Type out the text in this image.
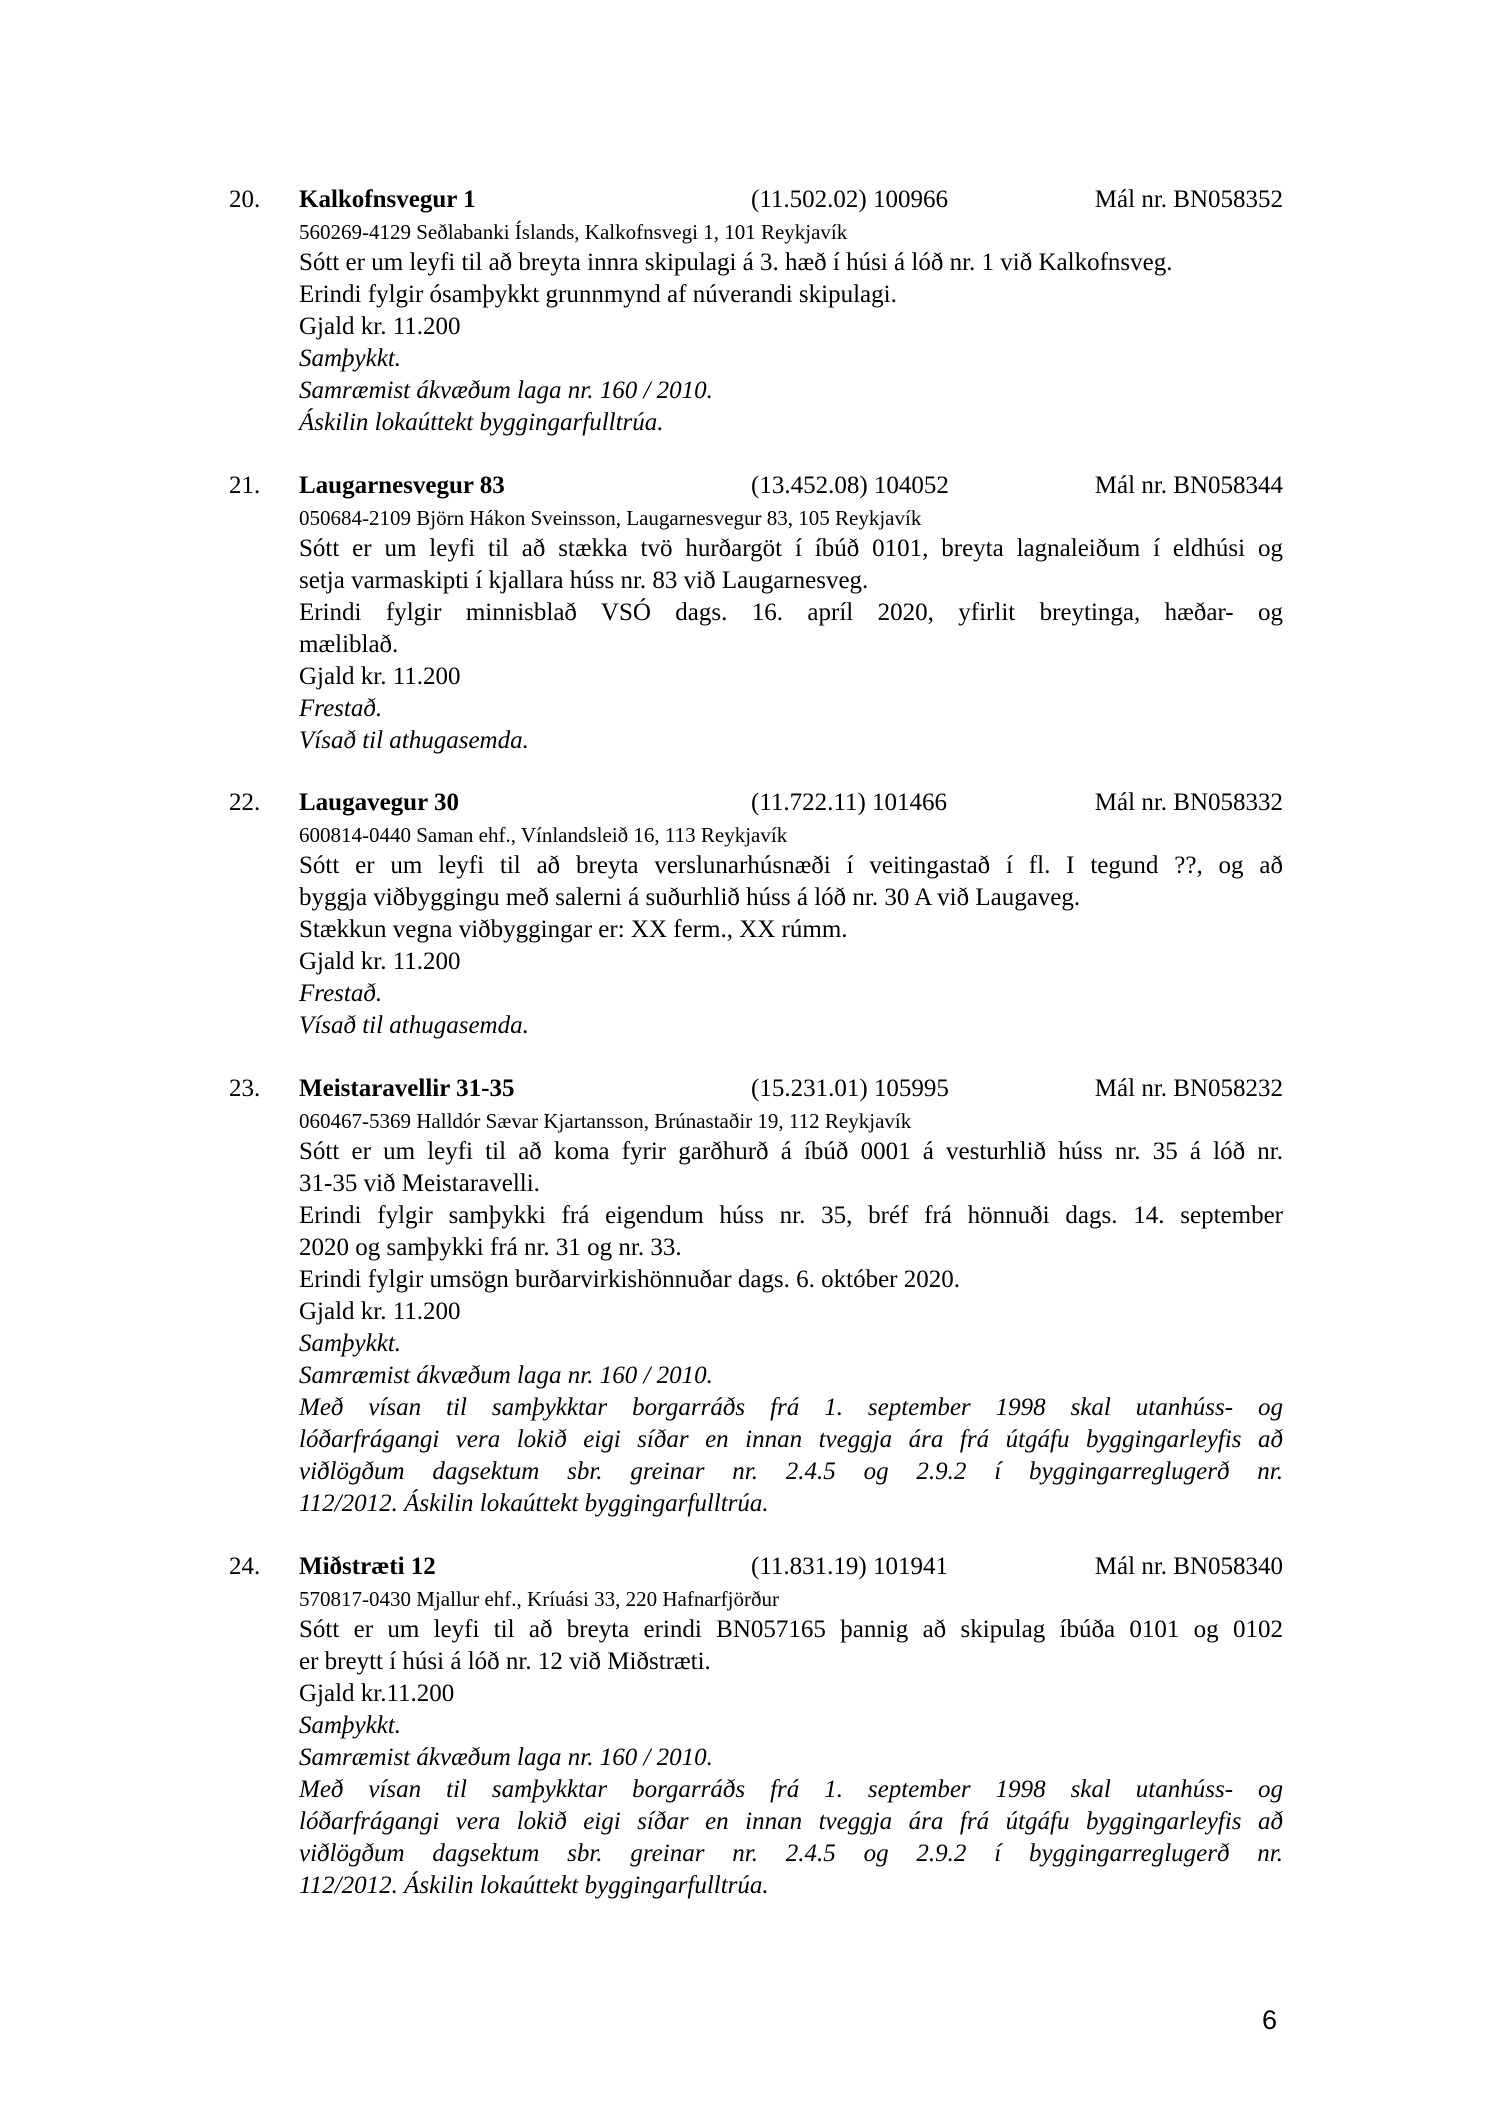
20. Kalkofnsvegur 1	(11.502.02) 100966	Mál nr. BN058352
560269-4129 Seðlabanki Íslands, Kalkofnsvegi 1, 101 Reykjavík
Sótt er um leyfi til að breyta innra skipulagi á 3. hæð í húsi á lóð nr. 1 við Kalkofnsveg.
Erindi fylgir ósamþykkt grunnmynd af núverandi skipulagi.
Gjald kr. 11.200
Samþykkt.
Samræmist ákvæðum laga nr. 160 / 2010.
Áskilin lokaúttekt byggingarfulltrúa.
21. Laugarnesvegur 83	(13.452.08) 104052	Mál nr. BN058344
050684-2109 Björn Hákon Sveinsson, Laugarnesvegur 83, 105 Reykjavík
Sótt er um leyfi til að stækka tvö hurðargöt í íbúð 0101, breyta lagnaleiðum í eldhúsi og
setja varmaskipti í kjallara húss nr. 83 við Laugarnesveg.
Erindi fylgir minnisblað VSÓ dags. 16. apríl 2020, yfirlit breytinga, hæðar- og
mæliblað.
Gjald kr. 11.200
Frestað.
Vísað til athugasemda.
22. Laugavegur 30	(11.722.11) 101466	Mál nr. BN058332
600814-0440 Saman ehf., Vínlandsleið 16, 113 Reykjavík
Sótt er um leyfi til að breyta verslunarhúsnæði í veitingastað í fl. I tegund ??, og að
byggja viðbyggingu með salerni á suðurhlið húss á lóð nr. 30 A við Laugaveg.
Stækkun vegna viðbyggingar er: XX ferm., XX rúmm.
Gjald kr. 11.200
Frestað.
Vísað til athugasemda.
23. Meistaravellir 31-35	(15.231.01) 105995	Mál nr. BN058232
060467-5369 Halldór Sævar Kjartansson, Brúnastaðir 19, 112 Reykjavík
Sótt er um leyfi til að koma fyrir garðhurð á íbúð 0001 á vesturhlið húss nr. 35 á lóð nr.
31-35 við Meistaravelli.
Erindi fylgir samþykki frá eigendum húss nr. 35, bréf frá hönnuði dags. 14. september
2020 og samþykki frá nr. 31 og nr. 33.
Erindi fylgir umsögn burðarvirkishönnuðar dags. 6. október 2020.
Gjald kr. 11.200
Samþykkt.
Samræmist ákvæðum laga nr. 160 / 2010.
Með vísan til samþykktar borgarráðs frá 1. september 1998 skal utanhúss- og
lóðarfrágangi vera lokið eigi síðar en innan tveggja ára frá útgáfu byggingarleyfis að
viðlögðum dagsektum sbr. greinar nr. 2.4.5 og 2.9.2 í byggingarreglugerð nr.
112/2012. Áskilin lokaúttekt byggingarfulltrúa.
24. Miðstræti 12	(11.831.19) 101941	Mál nr. BN058340
570817-0430 Mjallur ehf., Kríuási 33, 220 Hafnarfjörður
Sótt er um leyfi til að breyta erindi BN057165 þannig að skipulag íbúða 0101 og 0102
er breytt í húsi á lóð nr. 12 við Miðstræti.
Gjald kr.11.200
Samþykkt.
Samræmist ákvæðum laga nr. 160 / 2010.
Með vísan til samþykktar borgarráðs frá 1. september 1998 skal utanhúss- og
lóðarfrágangi vera lokið eigi síðar en innan tveggja ára frá útgáfu byggingarleyfis að
viðlögðum dagsektum sbr. greinar nr. 2.4.5 og 2.9.2 í byggingarreglugerð nr.
112/2012. Áskilin lokaúttekt byggingarfulltrúa.
6
